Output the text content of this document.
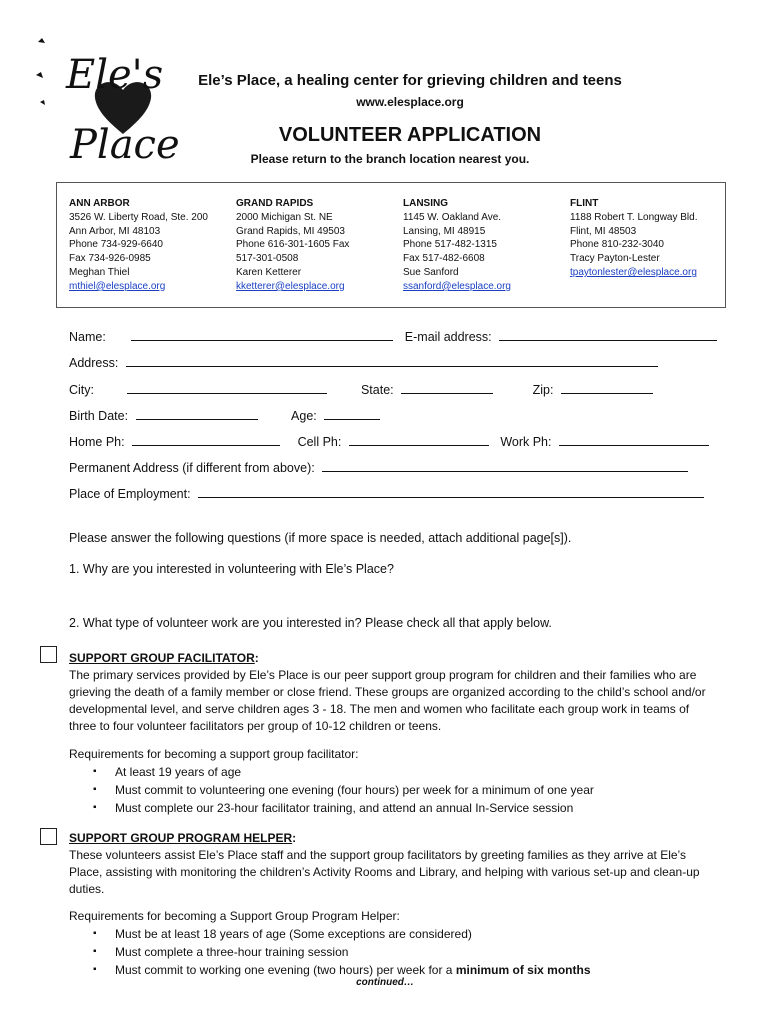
Ele's
Place
Ele’s Place, a healing center for grieving children and teens
www.elesplace.org
VOLUNTEER APPLICATION
Please return to the branch location nearest you.
ANN ARBOR
3526 W. Liberty Road, Ste. 200
Ann Arbor, MI 48103
Phone 734-929-6640
Fax 734-926-0985
Meghan Thiel
mthiel@elesplace.org
GRAND RAPIDS
2000 Michigan St. NE
Grand Rapids, MI 49503
Phone 616-301-1605 Fax
517-301-0508
Karen Ketterer
kketterer@elesplace.org
LANSING
1145 W. Oakland Ave.
Lansing, MI 48915
Phone 517-482-1315
Fax 517-482-6608
Sue Sanford
ssanford@elesplace.org
FLINT
1188 Robert T. Longway Bld.
Flint, MI 48503
Phone 810-232-3040
Tracy Payton-Lester
tpaytonlester@elesplace.org
Name:	E-mail address:
Address:
City:	State:	Zip:
Birth Date:	Age:
Home Ph:	Cell Ph:	Work Ph:
Permanent Address (if different from above):
Place of Employment:
Please answer the following questions (if more space is needed, attach additional page[s]).
1. Why are you interested in volunteering with Ele’s Place?
2. What type of volunteer work are you interested in? Please check all that apply below.
SUPPORT GROUP FACILITATOR:
The primary services provided by Ele’s Place is our peer support group program for children and their families who are grieving the death of a family member or close friend. These groups are organized according to the child’s school and/or developmental level, and serve children ages 3 - 18. The men and women who facilitate each group work in teams of three to four volunteer facilitators per group of 10-12 children or teens.
Requirements for becoming a support group facilitator:
▪ At least 19 years of age
▪ Must commit to volunteering one evening (four hours) per week for a minimum of one year
▪ Must complete our 23-hour facilitator training, and attend an annual In-Service session
SUPPORT GROUP PROGRAM HELPER:
These volunteers assist Ele’s Place staff and the support group facilitators by greeting families as they arrive at Ele’s Place, assisting with monitoring the children’s Activity Rooms and Library, and helping with various set-up and clean-up duties.
Requirements for becoming a Support Group Program Helper:
▪ Must be at least 18 years of age (Some exceptions are considered)
▪ Must complete a three-hour training session
▪ Must commit to working one evening (two hours) per week for a minimum of six months
continued…
